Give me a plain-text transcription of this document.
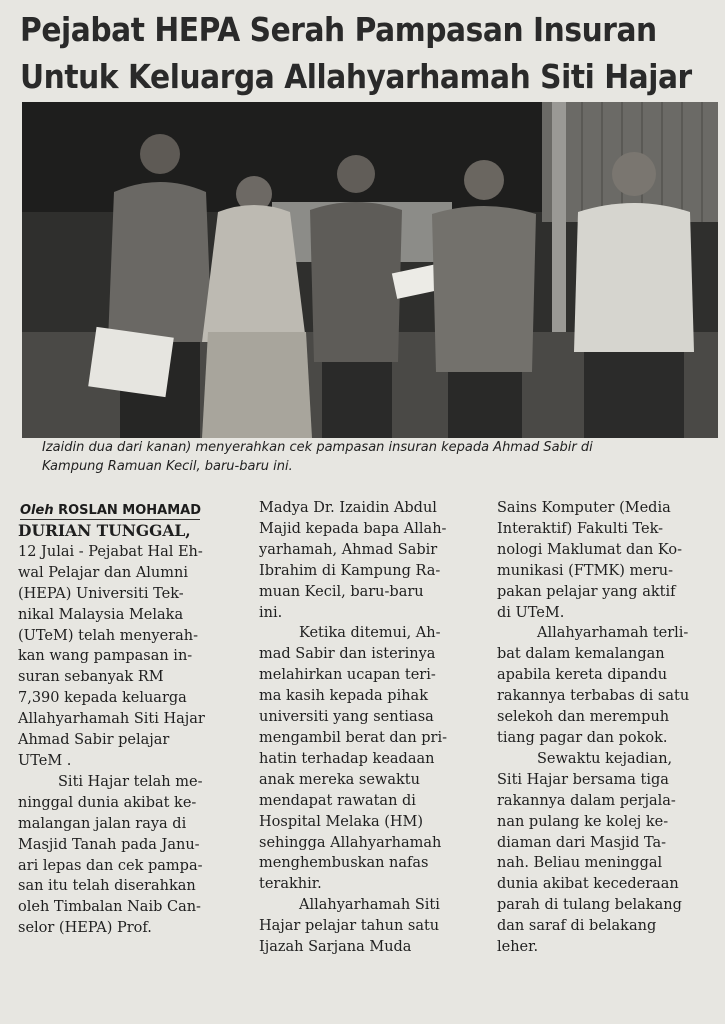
Pejabat HEPA Serah Pampasan Insuran
Untuk Keluarga Allahyarhamah Siti Hajar
Izaidin dua dari kanan) menyerahkan cek pampasan insuran kepada Ahmad Sabir di
Kampung Ramuan Kecil, baru-baru ini.
Oleh ROSLAN MOHAMAD

DURIAN TUNGGAL,

12 Julai - Pejabat Hal Eh-

wal Pelajar dan Alumni

(HEPA) Universiti Tek-

nikal Malaysia Melaka

(UTeM) telah menyerah-

kan wang pampasan in-

suran sebanyak RM

7,390 kepada keluarga

Allahyarhamah Siti Hajar

Ahmad Sabir pelajar

UTeM .

Siti Hajar telah me-

ninggal dunia akibat ke-

malangan jalan raya di

Masjid Tanah pada Janu-

ari lepas dan cek pampa-

san itu telah diserahkan

oleh Timbalan Naib Can-

selor (HEPA) Prof.

Madya Dr. Izaidin Abdul

Majid kepada bapa Allah-

yarhamah, Ahmad Sabir

Ibrahim di Kampung Ra-

muan Kecil, baru-baru

ini.

Ketika ditemui, Ah-

mad Sabir dan isterinya

melahirkan ucapan teri-

ma kasih kepada pihak

universiti yang sentiasa

mengambil berat dan pri-

hatin terhadap keadaan

anak mereka sewaktu

mendapat rawatan di

Hospital Melaka (HM)

sehingga Allahyarhamah

menghembuskan nafas

terakhir.

Allahyarhamah Siti

Hajar pelajar tahun satu

Ijazah Sarjana Muda

Sains Komputer (Media

Interaktif) Fakulti Tek-

nologi Maklumat dan Ko-

munikasi (FTMK) meru-

pakan pelajar yang aktif

di UTeM.

Allahyarhamah terli-

bat dalam kemalangan

apabila kereta dipandu

rakannya terbabas di satu

selekoh dan merempuh

tiang pagar dan pokok.

Sewaktu kejadian,

Siti Hajar bersama tiga

rakannya dalam perjala-

nan pulang ke kolej ke-

diaman dari Masjid Ta-

nah. Beliau meninggal

dunia akibat kecederaan

parah di tulang belakang

dan saraf di belakang

leher.
